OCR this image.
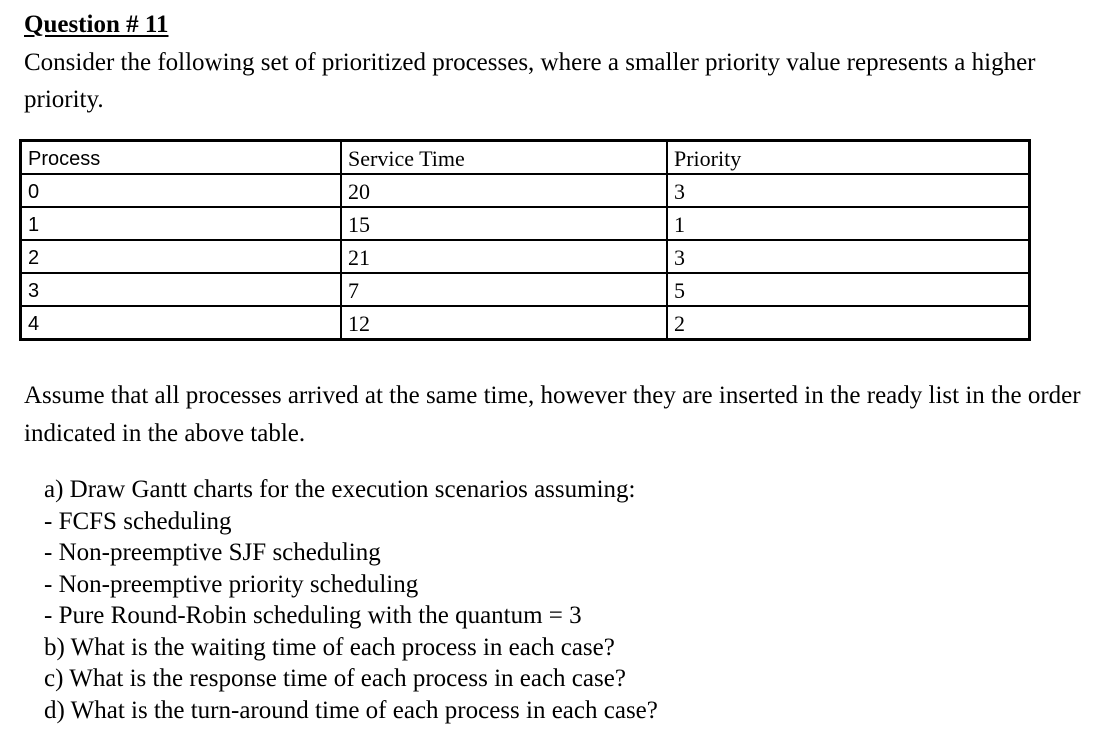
Question # 11
Consider the following set of prioritized processes, where a smaller priority value represents a higher priority.
Process	Service Time	Priority
0	20	3
1	15	1
2	21	3
3	7	5
4	12	2
Assume that all processes arrived at the same time, however they are inserted in the ready list in the order indicated in the above table.
a) Draw Gantt charts for the execution scenarios assuming:
- FCFS scheduling
- Non-preemptive SJF scheduling
- Non-preemptive priority scheduling
- Pure Round-Robin scheduling with the quantum = 3
b) What is the waiting time of each process in each case?
c) What is the response time of each process in each case?
d) What is the turn-around time of each process in each case?
